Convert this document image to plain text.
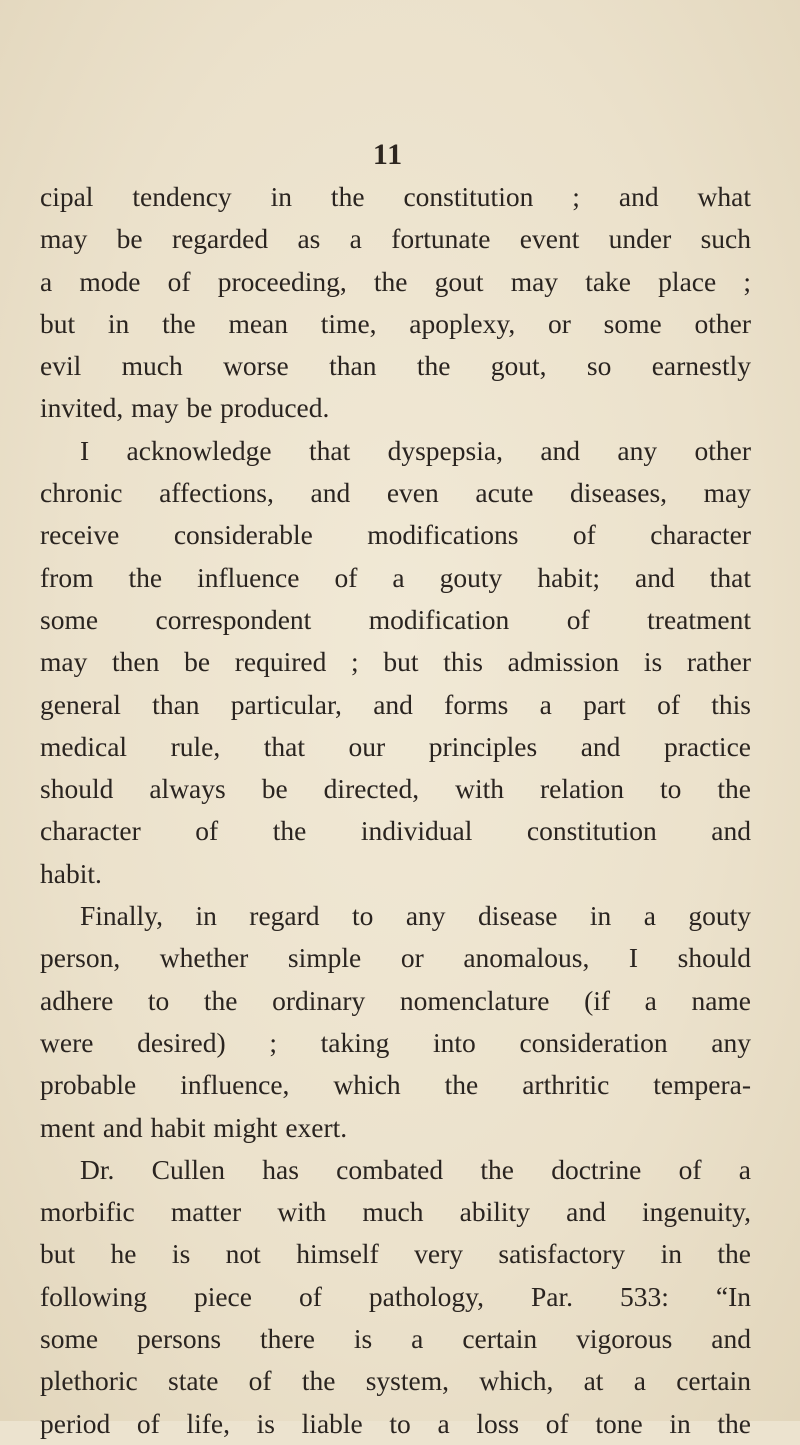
11
cipal tendency in the constitution ; and what
may be regarded as a fortunate event under such
a mode of proceeding, the gout may take place ;
but in the mean time, apoplexy, or some other
evil much worse than the gout, so earnestly
invited, may be produced.
I acknowledge that dyspepsia, and any other
chronic affections, and even acute diseases, may
receive considerable modifications of character
from the influence of a gouty habit; and that
some correspondent modification of treatment
may then be required ; but this admission is rather
general than particular, and forms a part of this
medical rule, that our principles and practice
should always be directed, with relation to the
character of the individual constitution and
habit.
Finally, in regard to any disease in a gouty
person, whether simple or anomalous, I should
adhere to the ordinary nomenclature (if a name
were desired) ; taking into consideration any
probable influence, which the arthritic tempera-
ment and habit might exert.
Dr. Cullen has combated the doctrine of a
morbific matter with much ability and ingenuity,
but he is not himself very satisfactory in the
following piece of pathology, Par. 533: “In
some persons there is a certain vigorous and
plethoric state of the system, which, at a certain
period of life, is liable to a loss of tone in the
